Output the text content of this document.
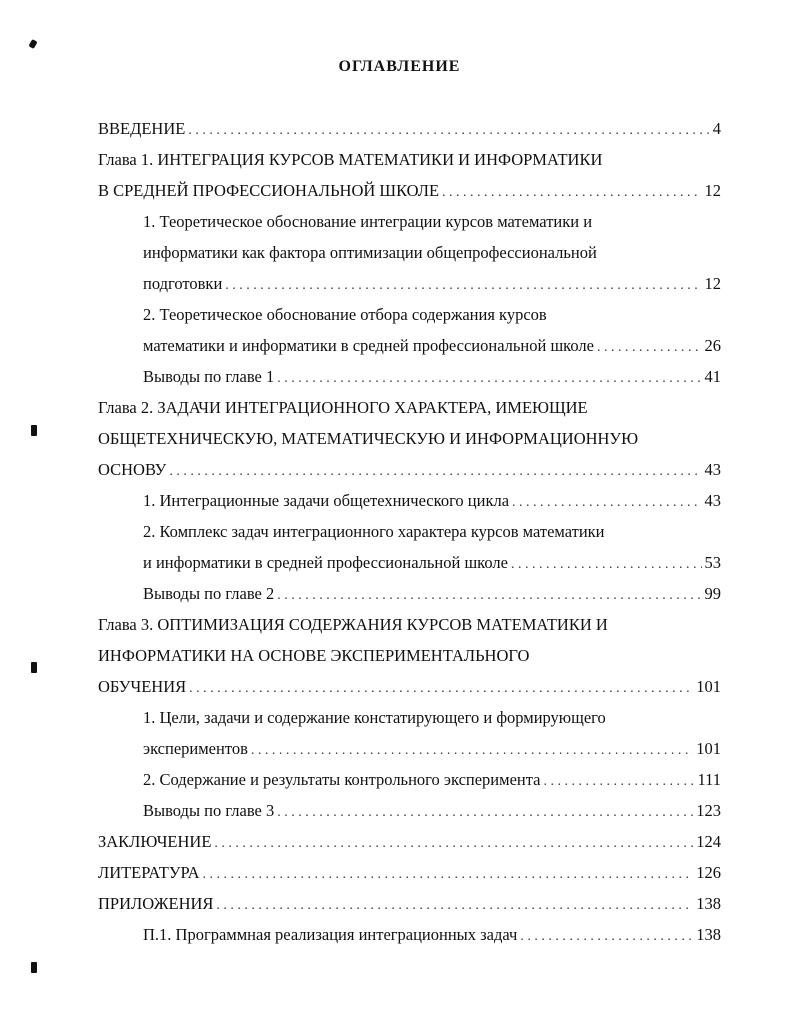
ОГЛАВЛЕНИЕ
ВВЕДЕНИЕ . . .	4
Глава 1. ИНТЕГРАЦИЯ КУРСОВ МАТЕМАТИКИ И ИНФОРМАТИКИ
В СРЕДНЕЙ ПРОФЕССИОНАЛЬНОЙ ШКОЛЕ . . .	12
1. Теоретическое обоснование интеграции курсов математики и
информатики как фактора оптимизации общепрофессиональной
подготовки . . .	12
2. Теоретическое обоснование отбора содержания курсов
математики и информатики в средней профессиональной школе . . .	26
Выводы по главе 1 . . .	41
Глава 2. ЗАДАЧИ ИНТЕГРАЦИОННОГО ХАРАКТЕРА, ИМЕЮЩИЕ
ОБЩЕТЕХНИЧЕСКУЮ, МАТЕМАТИЧЕСКУЮ И ИНФОРМАЦИОННУЮ
ОСНОВУ . . .	43
1. Интеграционные задачи общетехнического цикла . . .	43
2. Комплекс задач интеграционного характера курсов математики
и информатики в средней профессиональной школе . . .	53
Выводы по главе 2 . . .	99
Глава 3. ОПТИМИЗАЦИЯ СОДЕРЖАНИЯ КУРСОВ МАТЕМАТИКИ И
ИНФОРМАТИКИ НА ОСНОВЕ ЭКСПЕРИМЕНТАЛЬНОГО
ОБУЧЕНИЯ . . .	101
1. Цели, задачи и содержание констатирующего и формирующего
экспериментов . . .	101
2. Содержание и результаты контрольного эксперимента . . .	111
Выводы по главе 3 . . .	123
ЗАКЛЮЧЕНИЕ . . .	124
ЛИТЕРАТУРА . . .	126
ПРИЛОЖЕНИЯ . . .	138
П.1. Программная реализация интеграционных задач . . .	138
